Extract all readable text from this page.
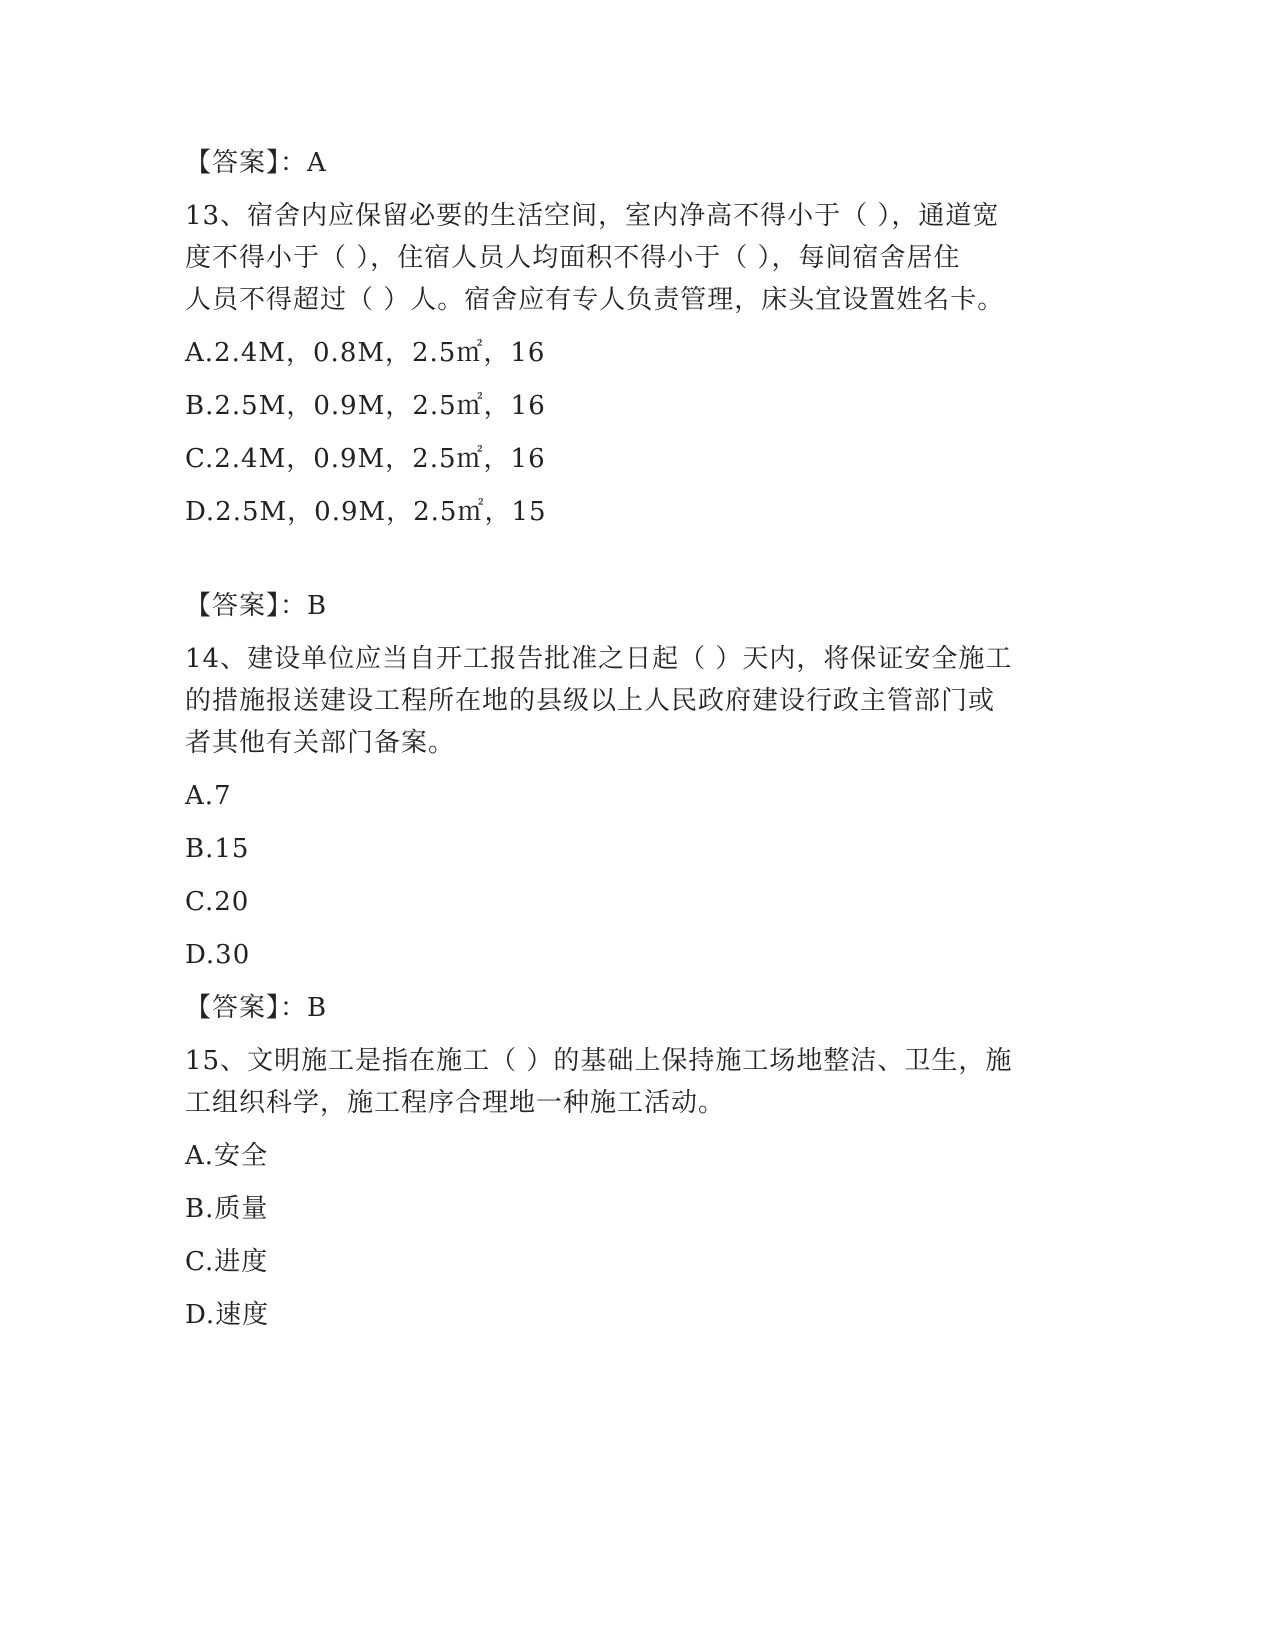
【答案】：A

13、宿舍内应保留必要的生活空间，室内净高不得小于（ ），通道宽

度不得小于（ ），住宿人员人均面积不得小于（ ），每间宿舍居住

人员不得超过（ ）人。宿舍应有专人负责管理，床头宜设置姓名卡。

A.2.4M，0.8M，2.5㎡，16

B.2.5M，0.9M，2.5㎡，16

C.2.4M，0.9M，2.5㎡，16

D.2.5M，0.9M，2.5㎡，15

【答案】：B

14、建设单位应当自开工报告批准之日起（ ）天内，将保证安全施工

的措施报送建设工程所在地的县级以上人民政府建设行政主管部门或

者其他有关部门备案。

A.7

B.15

C.20

D.30

【答案】：B

15、文明施工是指在施工（ ）的基础上保持施工场地整洁、卫生，施

工组织科学，施工程序合理地一种施工活动。

A.安全

B.质量

C.进度

D.速度
